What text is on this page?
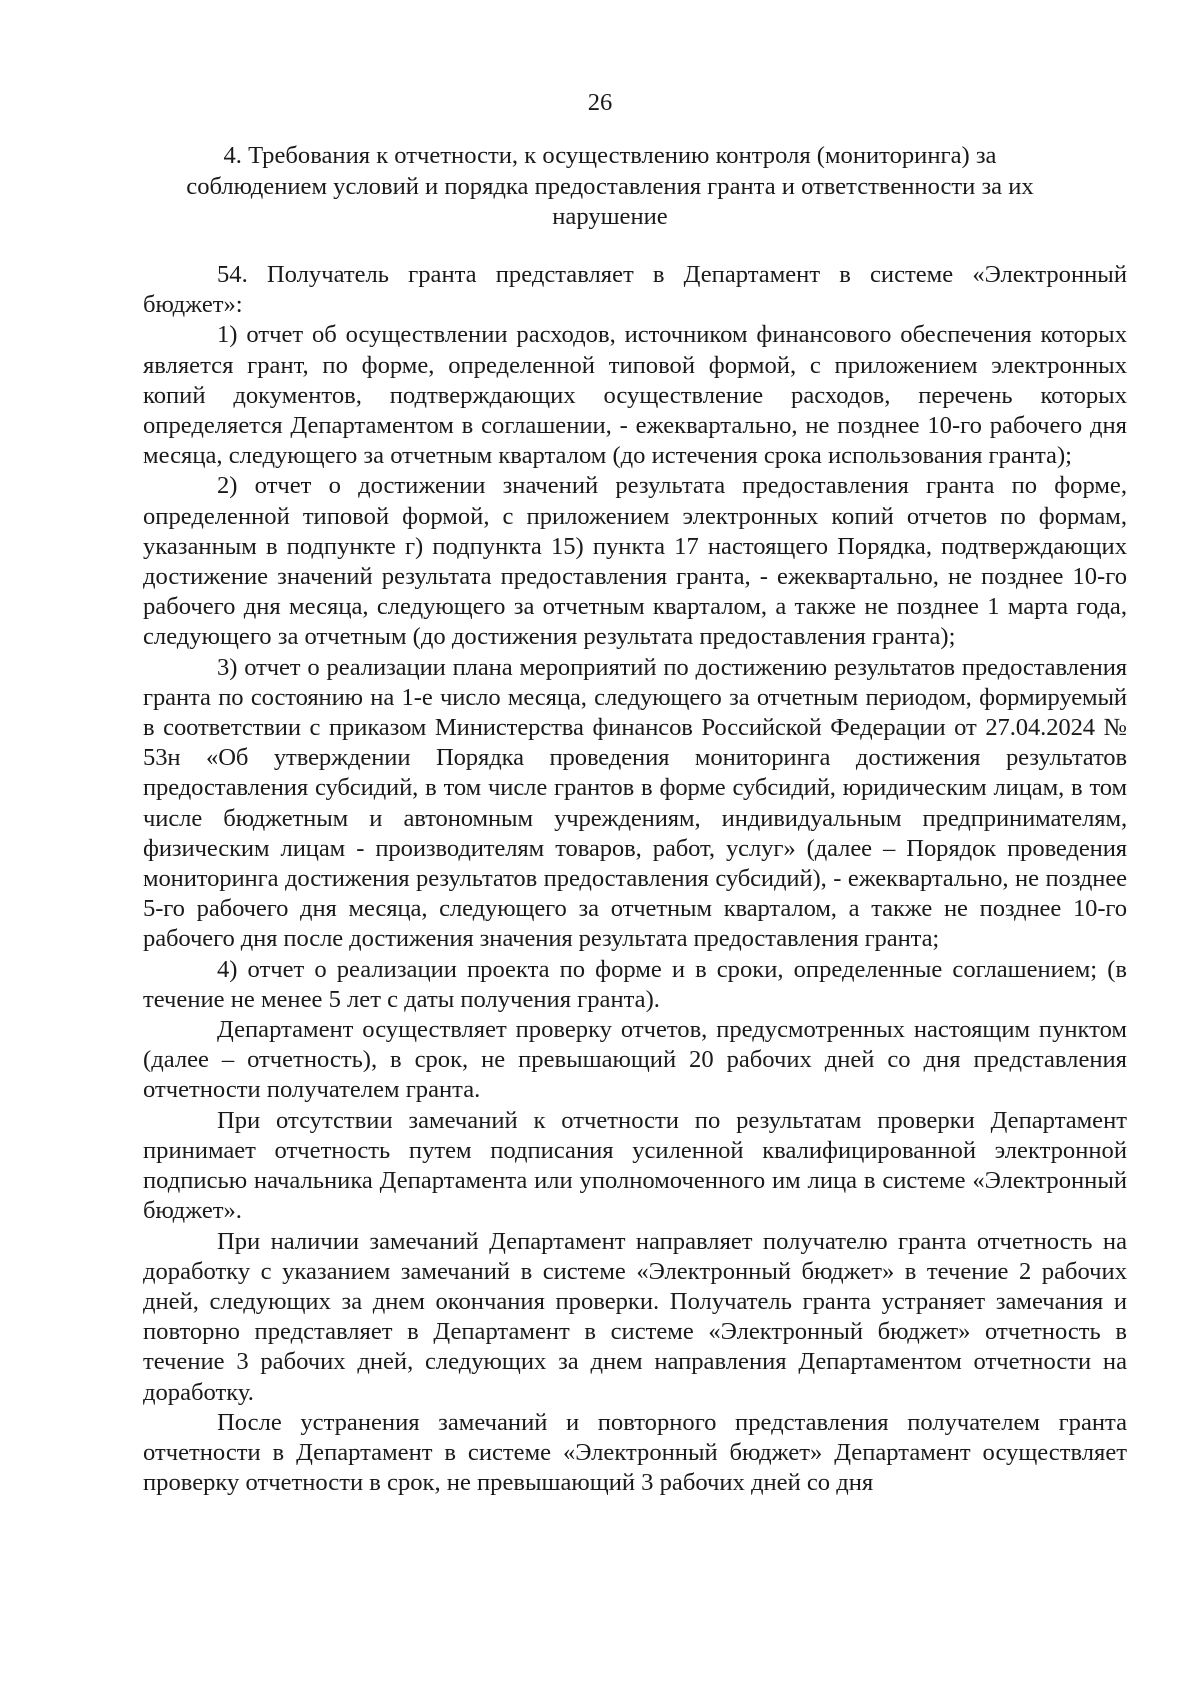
26
4. Требования к отчетности, к осуществлению контроля (мониторинга) за
соблюдением условий и порядка предоставления гранта и ответственности за их
нарушение

54. Получатель гранта представляет в Департамент в системе «Электронный бюджет»:

1) отчет об осуществлении расходов, источником финансового обеспечения которых является грант, по форме, определенной типовой формой, с приложением электронных копий документов, подтверждающих осуществление расходов, перечень которых определяется Департаментом в соглашении, - ежеквартально, не позднее 10-го рабочего дня месяца, следующего за отчетным кварталом (до истечения срока использования гранта);

2) отчет о достижении значений результата предоставления гранта по форме, определенной типовой формой, с приложением электронных копий отчетов по формам, указанным в подпункте г) подпункта 15) пункта 17 настоящего Порядка, подтверждающих достижение значений результата предоставления гранта, - ежеквартально, не позднее 10-го рабочего дня месяца, следующего за отчетным кварталом, а также не позднее 1 марта года, следующего за отчетным (до достижения результата предоставления гранта);

3) отчет о реализации плана мероприятий по достижению результатов предоставления гранта по состоянию на 1-е число месяца, следующего за отчетным периодом, формируемый в соответствии с приказом Министерства финансов Российской Федерации от 27.04.2024 № 53н «Об утверждении Порядка проведения мониторинга достижения результатов предоставления субсидий, в том числе грантов в форме субсидий, юридическим лицам, в том числе бюджетным и автономным учреждениям, индивидуальным предпринимателям, физическим лицам - производителям товаров, работ, услуг» (далее – Порядок проведения мониторинга достижения результатов предоставления субсидий), - ежеквартально, не позднее 5-го рабочего дня месяца, следующего за отчетным кварталом, а также не позднее 10-го рабочего дня после достижения значения результата предоставления гранта;

4) отчет о реализации проекта по форме и в сроки, определенные соглашением; (в течение не менее 5 лет с даты получения гранта).

Департамент осуществляет проверку отчетов, предусмотренных настоящим пунктом (далее – отчетность), в срок, не превышающий 20 рабочих дней со дня представления отчетности получателем гранта.

При отсутствии замечаний к отчетности по результатам проверки Департамент принимает отчетность путем подписания усиленной квалифицированной электронной подписью начальника Департамента или уполномоченного им лица в системе «Электронный бюджет».

При наличии замечаний Департамент направляет получателю гранта отчетность на доработку с указанием замечаний в системе «Электронный бюджет» в течение 2 рабочих дней, следующих за днем окончания проверки. Получатель гранта устраняет замечания и повторно представляет в Департамент в системе «Электронный бюджет» отчетность в течение 3 рабочих дней, следующих за днем направления Департаментом отчетности на доработку.

После устранения замечаний и повторного представления получателем гранта отчетности в Департамент в системе «Электронный бюджет» Департамент осуществляет проверку отчетности в срок, не превышающий 3 рабочих дней со дня
